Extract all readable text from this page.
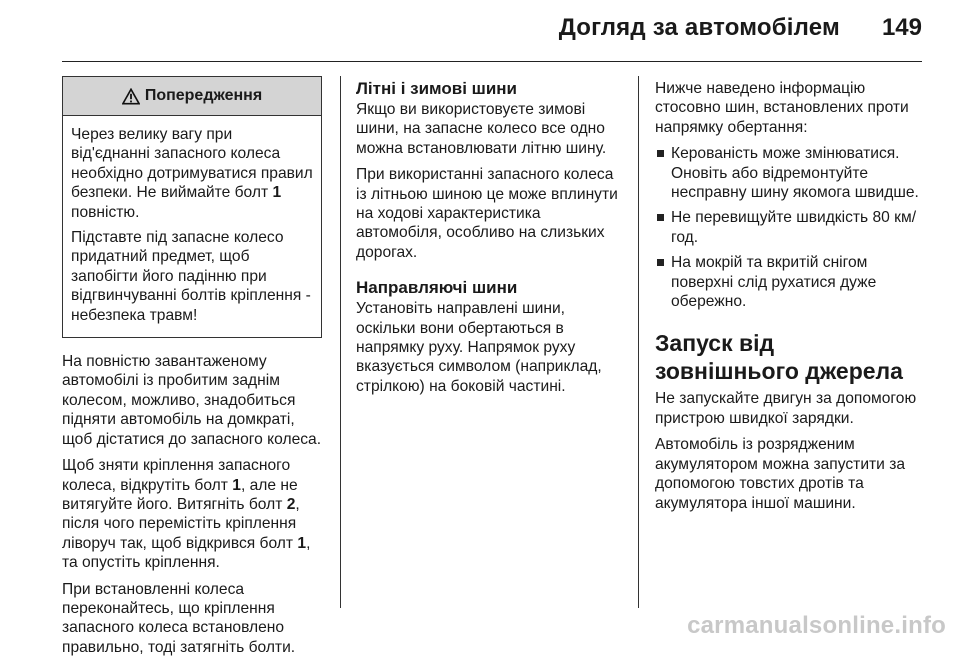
Догляд за автомобілем 149
Попередження

Через велику вагу при від'єднанні запасного колеса необхідно дотримуватися правил безпеки. Не виймайте болт 1 повністю.

Підставте під запасне колесо придатний предмет, щоб запобігти його падінню при відгвинчуванні болтів кріплення - небезпека травм!

На повністю завантаженому автомобілі із пробитим заднім колесом, можливо, знадобиться підняти автомобіль на домкраті, щоб дістатися до запасного колеса.

Щоб зняти кріплення запасного колеса, відкрутіть болт 1, але не витягуйте його. Витягніть болт 2, після чого перемістіть кріплення ліворуч так, щоб відкрився болт 1, та опустіть кріплення.

При встановленні колеса переконайтесь, що кріплення запасного колеса встановлено правильно, тоді затягніть болти.

Літні і зимові шини

Якщо ви використовуєте зимові шини, на запасне колесо все одно можна встановлювати літню шину.

При використанні запасного колеса із літньою шиною це може вплинути на ходові характеристика автомобіля, особливо на слизьких дорогах.

Направляючі шини

Установіть направлені шини, оскільки вони обертаються в напрямку руху. Напрямок руху вказується символом (наприклад, стрілкою) на боковій частині.

Нижче наведено інформацію стосовно шин, встановлених проти напрямку обертання:

Керованість може змінюватися. Оновіть або відремонтуйте несправну шину якомога швидше.
Не перевищуйте швидкість 80 км/год.
На мокрій та вкритій снігом поверхні слід рухатися дуже обережно.
Запуск від зовнішнього джерела

Не запускайте двигун за допомогою пристрою швидкої зарядки.

Автомобіль із розрядженим акумулятором можна запустити за допомогою товстих дротів та акумулятора іншої машини.

carmanualsonline.info
